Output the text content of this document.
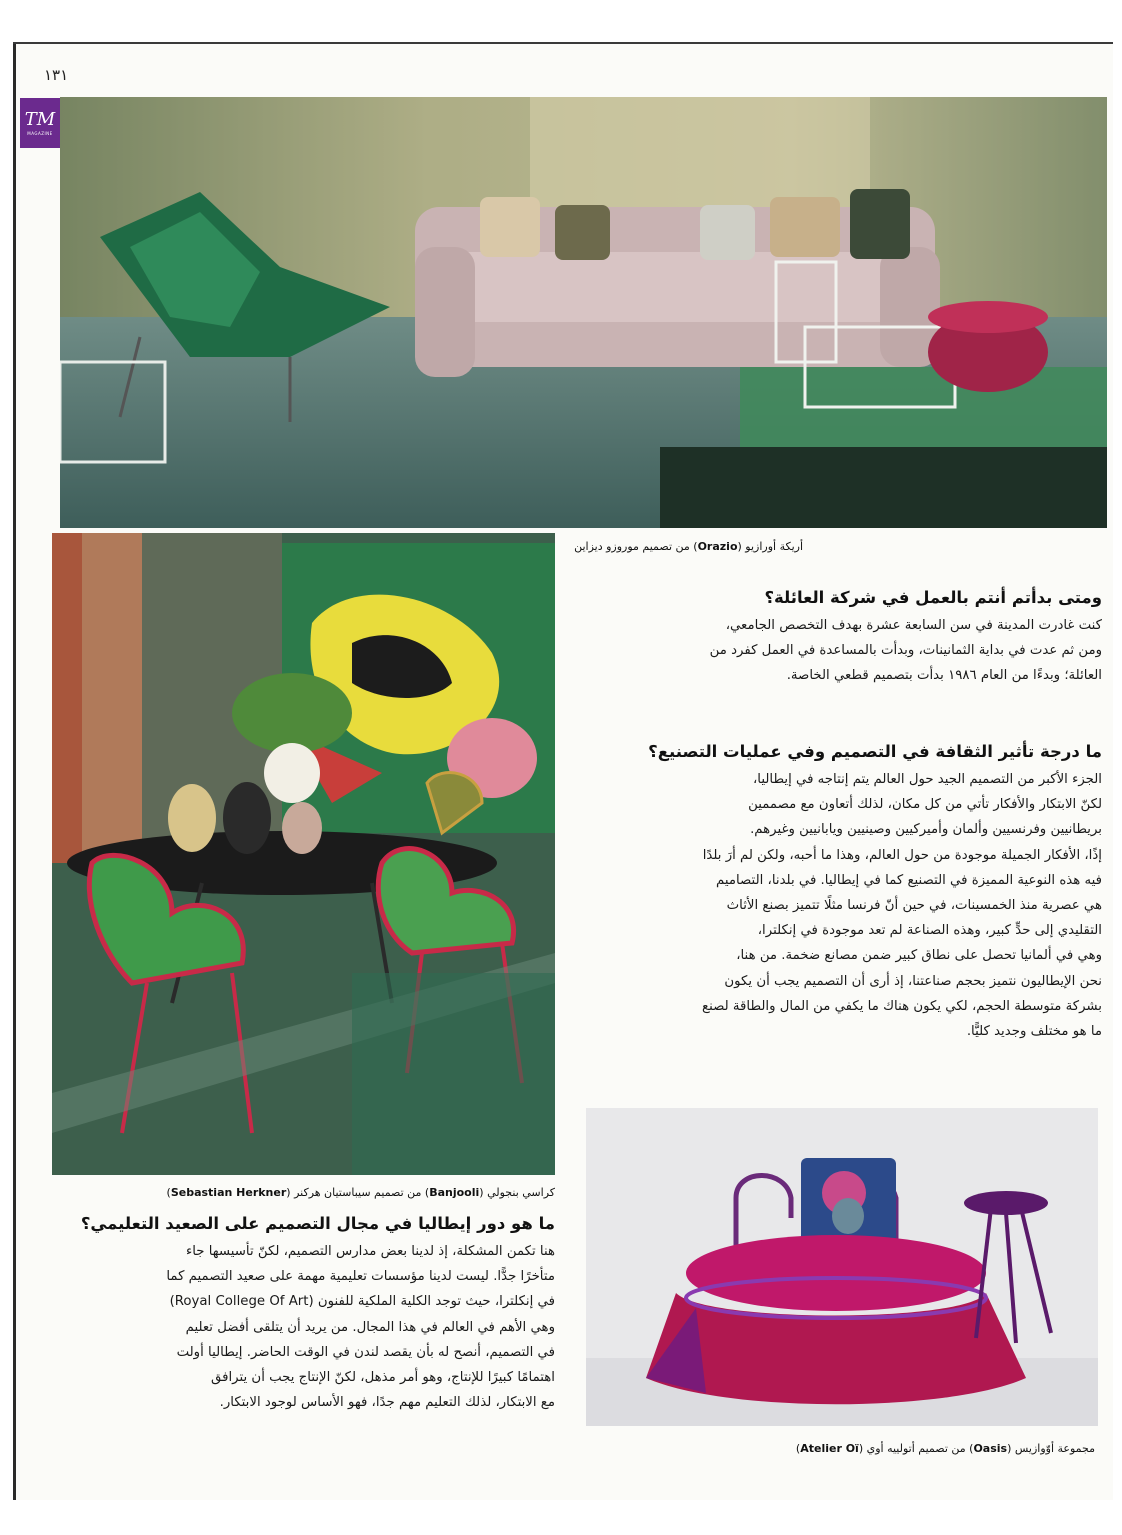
١٣١
TM
MAGAZINE
أريكة أورازيو (Orazio) من تصميم موروزو ديزاين
كراسي بنجولي (Banjooli) من تصميم سيباستيان هركنر (Sebastian Herkner)
مجموعة أوّوازيس (Oasis) من تصميم أتولييه أوي (Atelier Oï)
ومتى بدأتم أنتم بالعمل في شركة العائلة؟

كنت غادرت المدينة في سن السابعة عشرة بهدف التخصص الجامعي،

ومن ثم عدت في بداية الثمانينات، وبدأت بالمساعدة في العمل كفرد من

العائلة؛ وبدءًا من العام ١٩٨٦ بدأت بتصميم قطعي الخاصة.

ما درجة تأثير الثقافة في التصميم وفي عمليات التصنيع؟

الجزء الأكبر من التصميم الجيد حول العالم يتم إنتاجه في إيطاليا،

لكنّ الابتكار والأفكار تأتي من كل مكان، لذلك أتعاون مع مصممين

بريطانيين وفرنسيين وألمان وأميركيين وصينيين ويابانيين وغيرهم.

إذًا، الأفكار الجميلة موجودة من حول العالم، وهذا ما أحبه، ولكن لم أرَ بلدًا

فيه هذه النوعية المميزة في التصنيع كما في إيطاليا. في بلدنا، التصاميم

هي عصرية منذ الخمسينات، في حين أنّ فرنسا مثلًا تتميز بصنع الأثاث

التقليدي إلى حدٍّ كبير، وهذه الصناعة لم تعد موجودة في إنكلترا،

وهي في ألمانيا تحصل على نطاق كبير ضمن مصانع ضخمة. من هنا،

نحن الإيطاليون نتميز بحجم صناعتنا، إذ أرى أن التصميم يجب أن يكون

بشركة متوسطة الحجم، لكي يكون هناك ما يكفي من المال والطاقة لصنع

ما هو مختلف وجديد كليًّا.

ما هو دور إيطاليا في مجال التصميم على الصعيد التعليمي؟

هنا تكمن المشكلة، إذ لدينا بعض مدارس التصميم، لكنّ تأسيسها جاء

متأخرًا جدًّا. ليست لدينا مؤسسات تعليمية مهمة على صعيد التصميم كما

في إنكلترا، حيث توجد الكلية الملكية للفنون (Royal College Of Art)

وهي الأهم في العالم في هذا المجال. من يريد أن يتلقى أفضل تعليم

في التصميم، أنصح له بأن يقصد لندن في الوقت الحاضر. إيطاليا أولت

اهتمامًا كبيرًا للإنتاج، وهو أمر مذهل، لكنّ الإنتاج يجب أن يترافق

مع الابتكار، لذلك التعليم مهم جدًا، فهو الأساس لوجود الابتكار.
